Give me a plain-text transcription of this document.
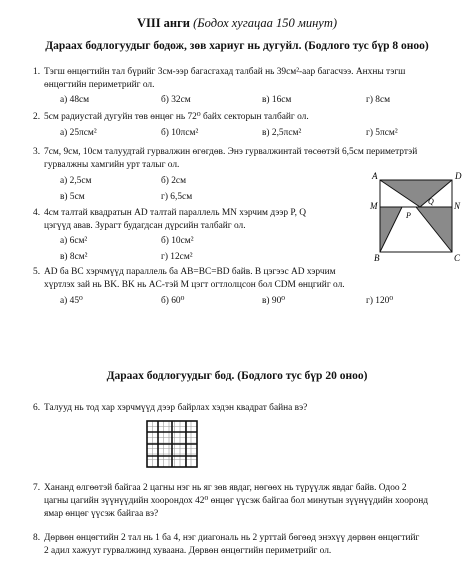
VIII анги (Бодох хугацаа 150 минут)
Дараах бодлогуудыг бодож, зөв хариуг нь дугуйл. (Бодлого тус бүр 8 оноо)
1. Тэгш өнцөгтийн тал бүрийг 3см-ээр багасгахад талбай нь 39см²-аар багасчээ. Анхны тэгш
өнцөгтийн периметрийг ол.
а) 48см	б) 32см	в) 16см	г) 8см
2. 5см радиустай дугуйн төв өнцөг нь 72⁰ байх секторын талбайг ол.
а) 25πсм²	б) 10πсм²	в) 2,5πсм²	г) 5πсм²
3. 7см, 9см, 10см талуудтай гурвалжин өгөгдөв. Энэ гурвалжинтай төсөөтэй 6,5см периметртэй
гурвалжны хамгийн урт талыг ол.
а) 2,5см	б) 2см
в) 5см	г) 6,5см
A	D
M	N
Q
P
B	C
4. 4см талтай квадратын AD талтай параллель MN хэрчим дээр P, Q
цэгүүд авав. Зурагт будагдсан дүрсийн талбайг ол.
а) 6см²	б) 10см²
в) 8см²	г) 12см²
5. AD ба BC хэрчмүүд параллель ба AB=BC=BD байв. В цэгээс AD хэрчим
хүртлэх зай нь BK. BK нь AC-тэй M цэгт огтлолцсон бол CDM өнцгийг ол.
а) 45⁰	б) 60⁰	в) 90⁰	г) 120⁰
Дараах бодлогуудыг бод. (Бодлого тус бүр 20 оноо)
6. Талууд нь тод хар хэрчмүүд дээр байрлах хэдэн квадрат байна вэ?
7. Хананд өлгөөтэй байгаа 2 цагны нэг нь яг зөв явдаг, нөгөөх нь түрүүлж явдаг байв. Одоо 2
цагны цагийн зүүнүүдийн хоорондох 42⁰ өнцөг үүсэж байгаа бол минутын зүүнүүдийн хооронд
ямар өнцөг үүсэж байгаа вэ?
8. Дөрвөн өнцөгтийн 2 тал нь 1 ба 4, нэг диагональ нь 2 урттай бөгөөд энэхүү дөрвөн өнцөгтийг
2 адил хажуут гурвалжинд хуваана. Дөрвөн өнцөгтийн периметрийг ол.
